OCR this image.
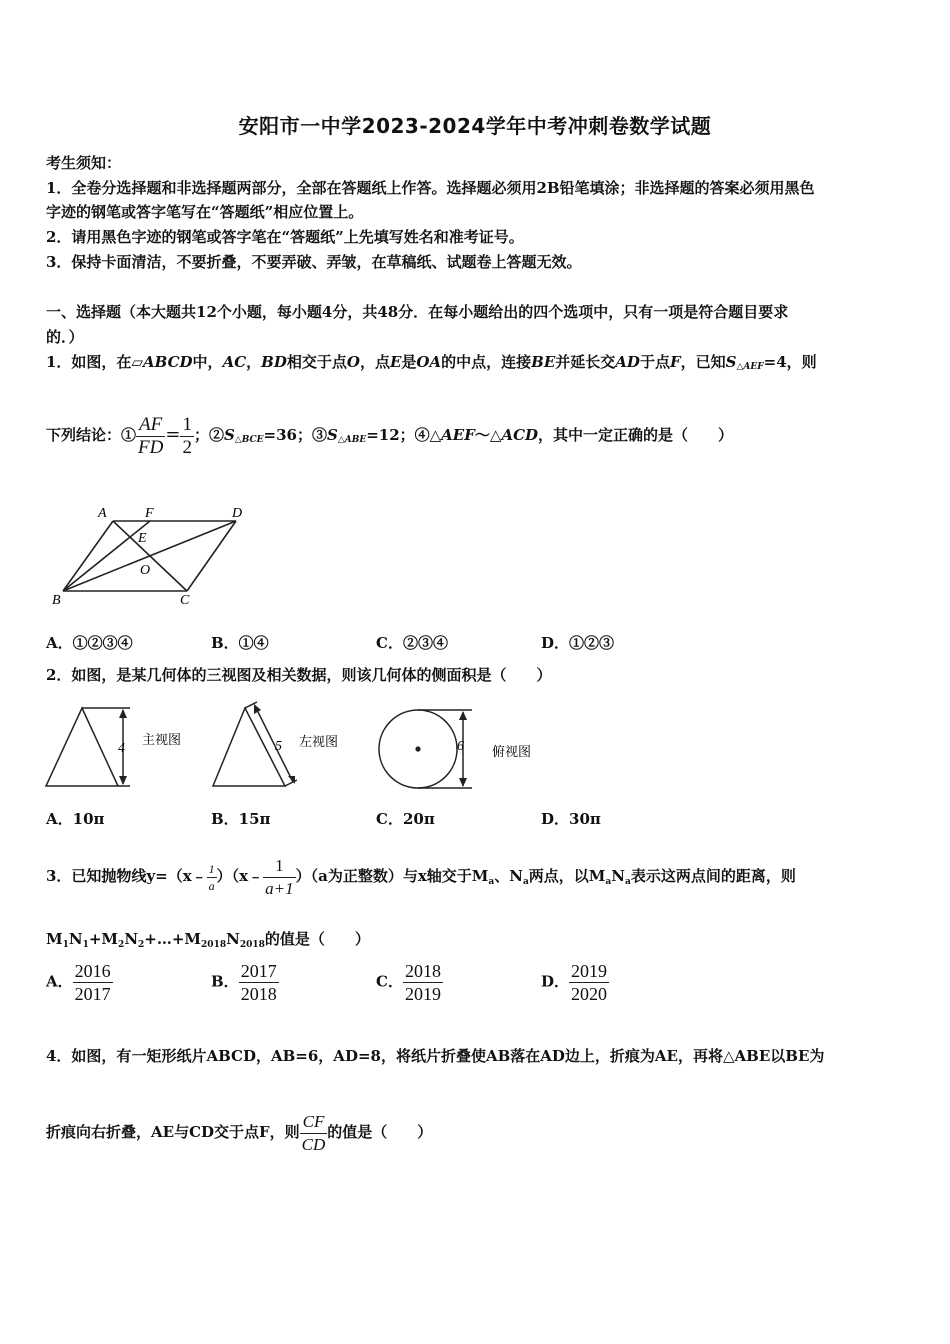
安阳市一中学2023-2024学年中考冲刺卷数学试题
考生须知：
1．全卷分选择题和非选择题两部分，全部在答题纸上作答。选择题必须用2B铅笔填涂；非选择题的答案必须用黑色
字迹的钢笔或答字笔写在“答题纸”相应位置上。
2．请用黑色字迹的钢笔或答字笔在“答题纸”上先填写姓名和准考证号。
3．保持卡面清洁，不要折叠，不要弄破、弄皱，在草稿纸、试题卷上答题无效。
一、选择题（本大题共12个小题，每小题4分，共48分．在每小题给出的四个选项中，只有一项是符合题目要求
的．）
1．如图，在▱ABCD中，AC，BD相交于点O，点E是OA的中点，连接BE并延长交AD于点F，已知$S_{\triangle AEF}=4$，则
下列结论：① $\frac{AF}{FD} = \frac{1}{2}$ ；$②S_{\triangle BCE}=36$；$③S_{\triangle ABE}=12$；④△AEF～△ACD，其中一定正确的是（　　）
A	F	D
E
O
B	C
A．①②③④	B．①④	C．②③④	D．①②③
2．如图，是某几何体的三视图及相关数据，则该几何体的侧面积是（　　）
4
主视图	5 左视图	6 俯视图
A．10π	B．15π	C．20π	D．30π
3．已知抛物线y=（x﹣ $\frac{1}{a}$ ）（x﹣ $\frac{1}{a+1} )(a$为正整数）与x轴交于$M_a$、$N_a$两点，以$M_aN_a$表示这两点间的距离，则
$M_1N_1+M_2N_2+\dots+M_{2018}N_{2018}$的值是（　　）
A． $\frac{2016}{2017}$	B． $\frac{2017}{2018}$	C． $\frac{2018}{2019}$	D． $\frac{2019}{2020}$
4．如图，有一矩形纸片ABCD，AB=6，AD=8，将纸片折叠使AB落在AD边上，折痕为AE，再将△ABE以BE为
折痕向右折叠，AE与CD交于点F，则 $\frac{CF}{CD}$ 的值是（　　）
